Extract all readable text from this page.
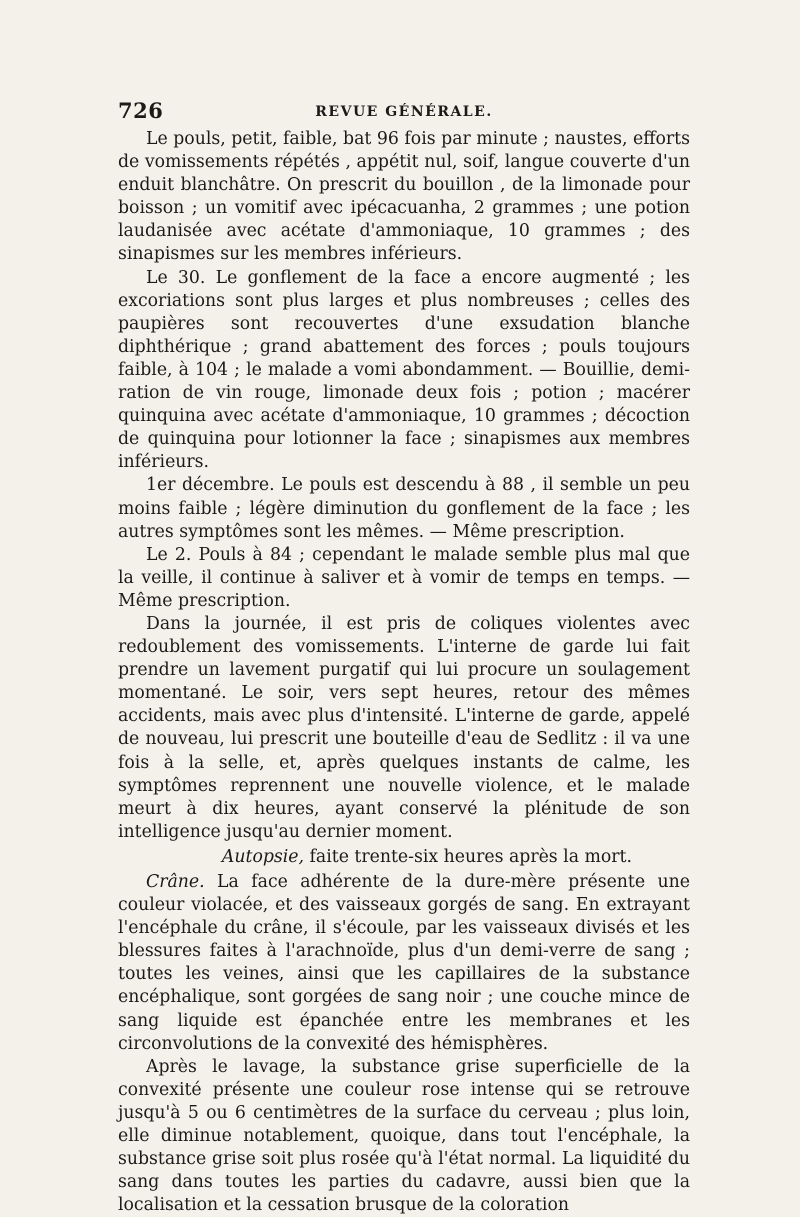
726	REVUE GÉNÉRALE.

Le pouls, petit, faible, bat 96 fois par minute ; naustes, efforts de vomissements répétés , appétit nul, soif, langue couverte d'un enduit blanchâtre. On prescrit du bouillon , de la limonade pour boisson ; un vomitif avec ipécacuanha, 2 grammes ; une potion laudanisée avec acétate d'ammoniaque, 10 grammes ; des sinapismes sur les membres inférieurs.

Le 30. Le gonflement de la face a encore augmenté ; les excoriations sont plus larges et plus nombreuses ; celles des paupières sont recouvertes d'une exsudation blanche diphthérique ; grand abattement des forces ; pouls toujours faible, à 104 ; le malade a vomi abondamment. — Bouillie, demi-ration de vin rouge, limonade deux fois ; potion ; macérer quinquina avec acétate d'ammoniaque, 10 grammes ; décoction de quinquina pour lotionner la face ; sinapismes aux membres inférieurs.

1er décembre. Le pouls est descendu à 88 , il semble un peu moins faible ; légère diminution du gonflement de la face ; les autres symptômes sont les mêmes. — Même prescription.

Le 2. Pouls à 84 ; cependant le malade semble plus mal que la veille, il continue à saliver et à vomir de temps en temps. — Même prescription.

Dans la journée, il est pris de coliques violentes avec redoublement des vomissements. L'interne de garde lui fait prendre un lavement purgatif qui lui procure un soulagement momentané. Le soir, vers sept heures, retour des mêmes accidents, mais avec plus d'intensité. L'interne de garde, appelé de nouveau, lui prescrit une bouteille d'eau de Sedlitz : il va une fois à la selle, et, après quelques instants de calme, les symptômes reprennent une nouvelle violence, et le malade meurt à dix heures, ayant conservé la plénitude de son intelligence jusqu'au dernier moment.

Autopsie, faite trente-six heures après la mort.

Crâne. La face adhérente de la dure-mère présente une couleur violacée, et des vaisseaux gorgés de sang. En extrayant l'encéphale du crâne, il s'écoule, par les vaisseaux divisés et les blessures faites à l'arachnoïde, plus d'un demi-verre de sang ; toutes les veines, ainsi que les capillaires de la substance encéphalique, sont gorgées de sang noir ; une couche mince de sang liquide est épanchée entre les membranes et les circonvolutions de la convexité des hémisphères.

Après le lavage, la substance grise superficielle de la convexité présente une couleur rose intense qui se retrouve jusqu'à 5 ou 6 centimètres de la surface du cerveau ; plus loin, elle diminue notablement, quoique, dans tout l'encéphale, la substance grise soit plus rosée qu'à l'état normal. La liquidité du sang dans toutes les parties du cadavre, aussi bien que la localisation et la cessation brusque de la coloration
